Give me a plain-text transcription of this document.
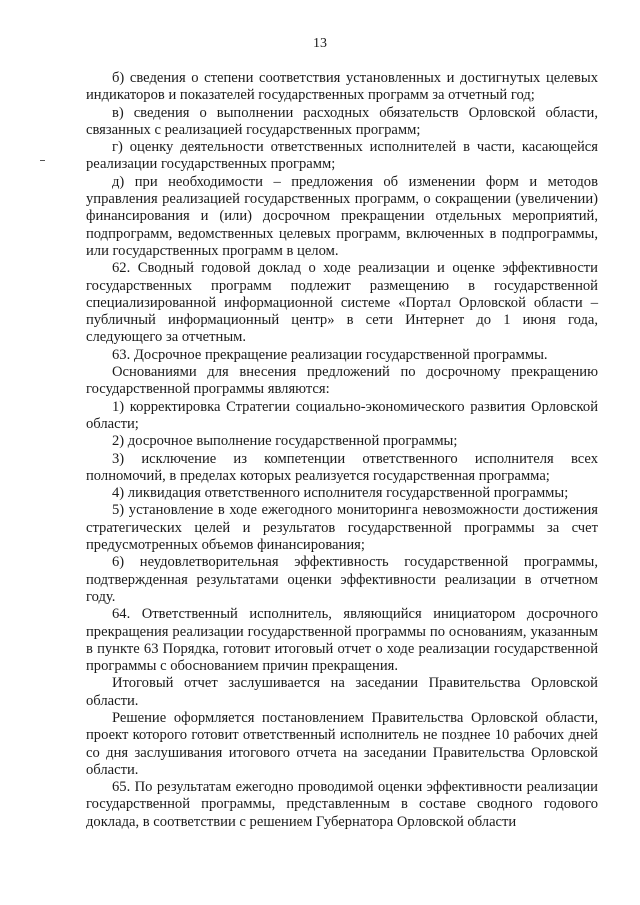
13

б) сведения о степени соответствия установленных и достигнутых целевых индикаторов и показателей государственных программ за отчетный год;

в) сведения о выполнении расходных обязательств Орловской области, связанных с реализацией государственных программ;

г) оценку деятельности ответственных исполнителей в части, касающейся реализации государственных программ;

д) при необходимости – предложения об изменении форм и методов управления реализацией государственных программ, о сокращении (увеличении) финансирования и (или) досрочном прекращении отдельных мероприятий, подпрограмм, ведомственных целевых программ, включенных в подпрограммы, или государственных программ в целом.

62. Сводный годовой доклад о ходе реализации и оценке эффективности государственных программ подлежит размещению в государственной специализированной информационной системе «Портал Орловской области – публичный информационный центр» в сети Интернет до 1 июня года, следующего за отчетным.

63. Досрочное прекращение реализации государственной программы.

Основаниями для внесения предложений по досрочному прекращению государственной программы являются:

1) корректировка Стратегии социально-экономического развития Орловской области;

2) досрочное выполнение государственной программы;

3) исключение из компетенции ответственного исполнителя всех полномочий, в пределах которых реализуется государственная программа;

4) ликвидация ответственного исполнителя государственной программы;

5) установление в ходе ежегодного мониторинга невозможности достижения стратегических целей и результатов государственной программы за счет предусмотренных объемов финансирования;

6) неудовлетворительная эффективность государственной программы, подтвержденная результатами оценки эффективности реализации в отчетном году.

64. Ответственный исполнитель, являющийся инициатором досрочного прекращения реализации государственной программы по основаниям, указанным в пункте 63 Порядка, готовит итоговый отчет о ходе реализации государственной программы с обоснованием причин прекращения.

Итоговый отчет заслушивается на заседании Правительства Орловской области.

Решение оформляется постановлением Правительства Орловской области, проект которого готовит ответственный исполнитель не позднее 10 рабочих дней со дня заслушивания итогового отчета на заседании Правительства Орловской области.

65. По результатам ежегодно проводимой оценки эффективности реализации государственной программы, представленным в составе сводного годового доклада, в соответствии с решением Губернатора Орловской области
